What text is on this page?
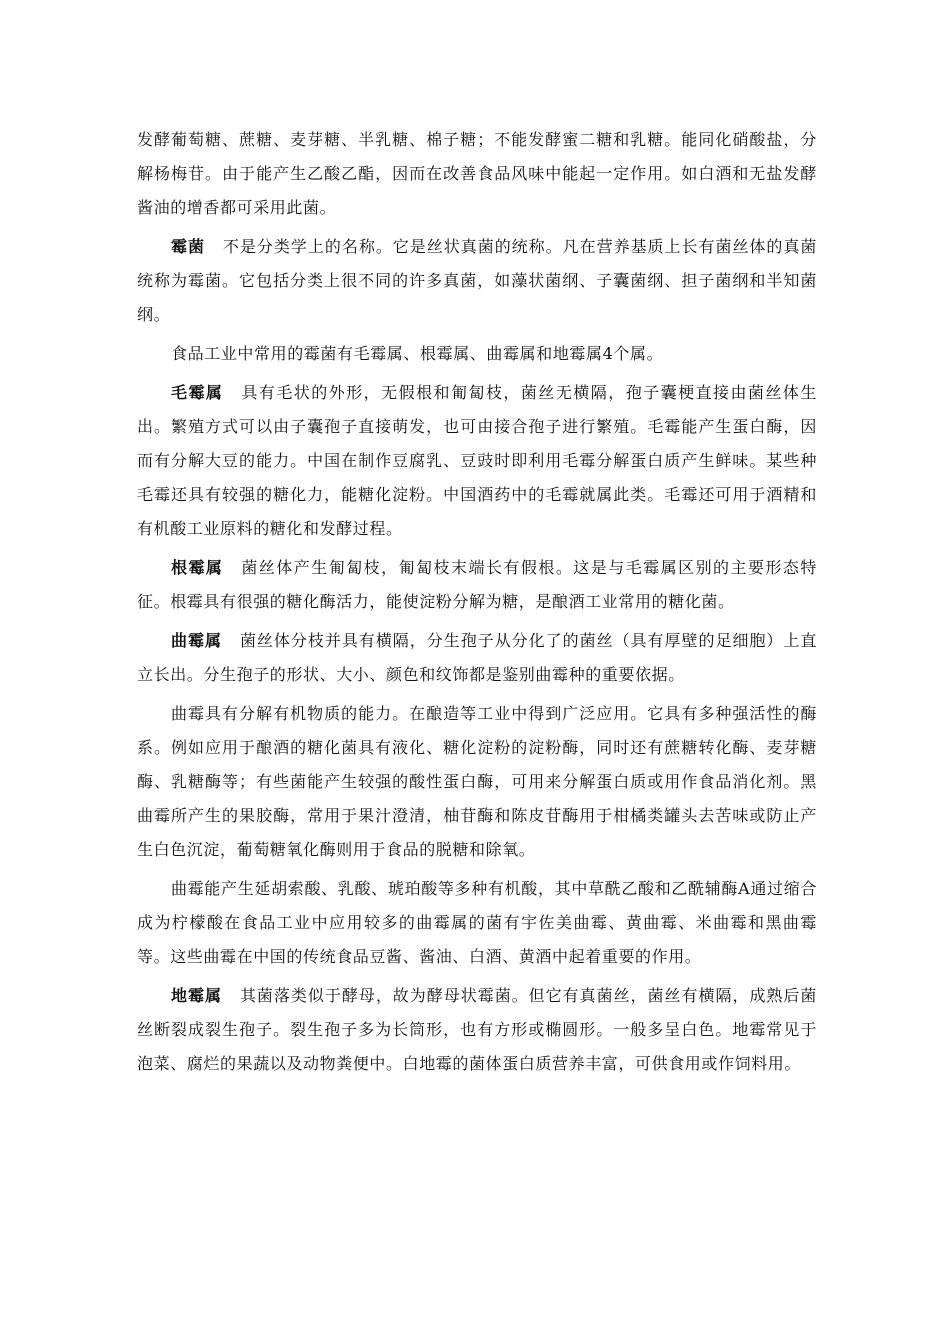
发酵葡萄糖、蔗糖、麦芽糖、半乳糖、棉子糖；不能发酵蜜二糖和乳糖。能同化硝酸盐，分解杨梅苷。由于能产生乙酸乙酯，因而在改善食品风味中能起一定作用。如白酒和无盐发酵酱油的增香都可采用此菌。

霉菌 不是分类学上的名称。它是丝状真菌的统称。凡在营养基质上长有菌丝体的真菌统称为霉菌。它包括分类上很不同的许多真菌，如藻状菌纲、子囊菌纲、担子菌纲和半知菌纲。

食品工业中常用的霉菌有毛霉属、根霉属、曲霉属和地霉属4个属。

毛霉属 具有毛状的外形，无假根和匍匐枝，菌丝无横隔，孢子囊梗直接由菌丝体生出。繁殖方式可以由子囊孢子直接萌发，也可由接合孢子进行繁殖。毛霉能产生蛋白酶，因而有分解大豆的能力。中国在制作豆腐乳、豆豉时即利用毛霉分解蛋白质产生鲜味。某些种毛霉还具有较强的糖化力，能糖化淀粉。中国酒药中的毛霉就属此类。毛霉还可用于酒精和有机酸工业原料的糖化和发酵过程。

根霉属 菌丝体产生匍匐枝，匍匐枝末端长有假根。这是与毛霉属区别的主要形态特征。根霉具有很强的糖化酶活力，能使淀粉分解为糖，是酿酒工业常用的糖化菌。

曲霉属 菌丝体分枝并具有横隔，分生孢子从分化了的菌丝（具有厚壁的足细胞）上直立长出。分生孢子的形状、大小、颜色和纹饰都是鉴别曲霉种的重要依据。

曲霉具有分解有机物质的能力。在酿造等工业中得到广泛应用。它具有多种强活性的酶系。例如应用于酿酒的糖化菌具有液化、糖化淀粉的淀粉酶，同时还有蔗糖转化酶、麦芽糖酶、乳糖酶等；有些菌能产生较强的酸性蛋白酶，可用来分解蛋白质或用作食品消化剂。黑曲霉所产生的果胶酶，常用于果汁澄清，柚苷酶和陈皮苷酶用于柑橘类罐头去苦味或防止产生白色沉淀，葡萄糖氧化酶则用于食品的脱糖和除氧。

曲霉能产生延胡索酸、乳酸、琥珀酸等多种有机酸，其中草酰乙酸和乙酰辅酶A通过缩合成为柠檬酸在食品工业中应用较多的曲霉属的菌有宇佐美曲霉、黄曲霉、米曲霉和黑曲霉等。这些曲霉在中国的传统食品豆酱、酱油、白酒、黄酒中起着重要的作用。

地霉属 其菌落类似于酵母，故为酵母状霉菌。但它有真菌丝，菌丝有横隔，成熟后菌丝断裂成裂生孢子。裂生孢子多为长筒形，也有方形或椭圆形。一般多呈白色。地霉常见于泡菜、腐烂的果蔬以及动物粪便中。白地霉的菌体蛋白质营养丰富，可供食用或作饲料用。
